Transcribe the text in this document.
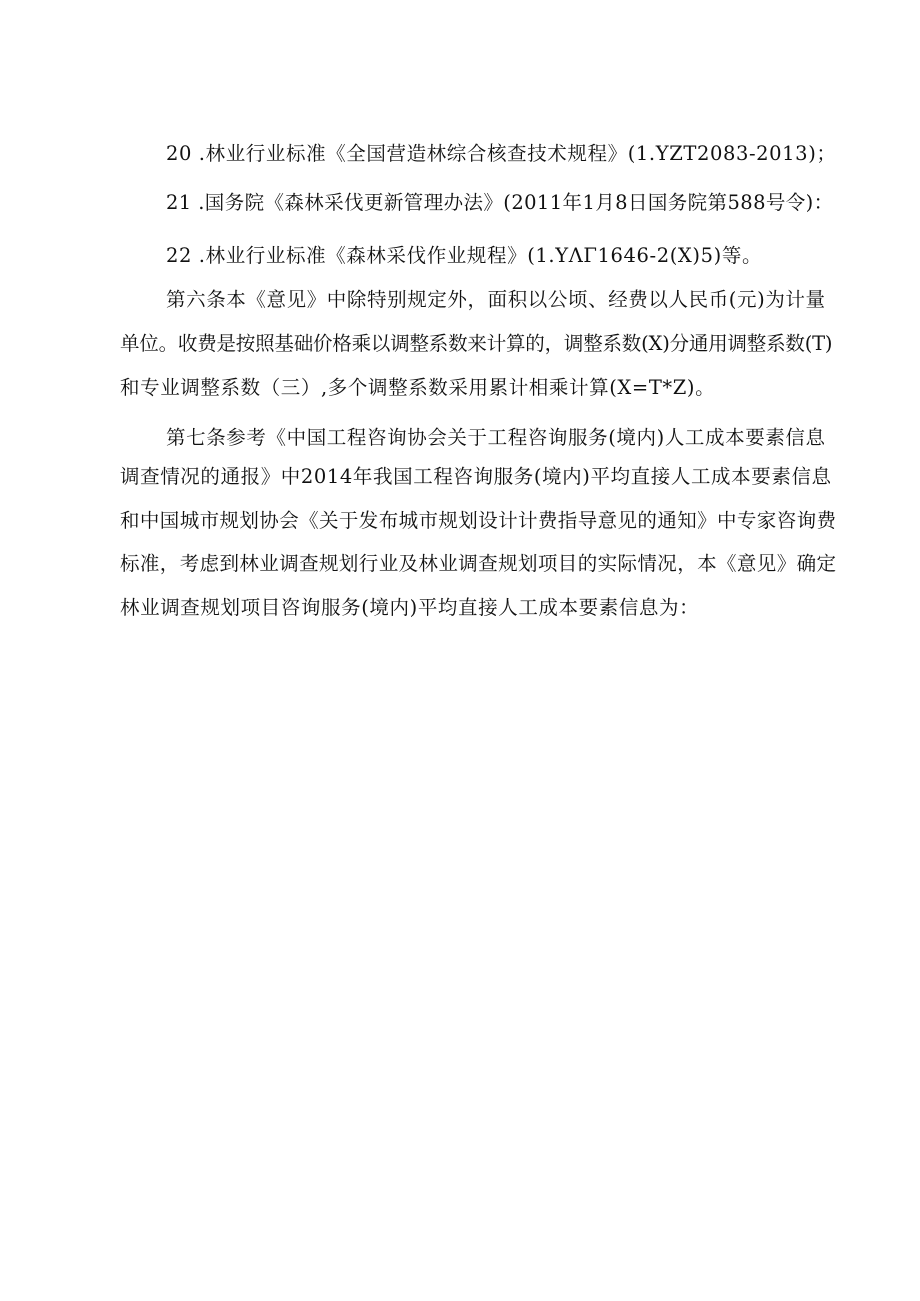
20 .林业行业标准《全国营造林综合核查技术规程》(1.YZT2083-2013)；
21 .国务院《森林采伐更新管理办法》(2011年1月8日国务院第588号令)：
22 .林业行业标准《森林采伐作业规程》(1.YΛΓ1646-2(X)5)等。
第六条本《意见》中除特别规定外，面积以公顷、经费以人民币(元)为计量
单位。收费是按照基础价格乘以调整系数来计算的，调整系数(X)分通用调整系数(T)
和专业调整系数（三）,多个调整系数采用累计相乘计算(X=T*Z)。
第七条参考《中国工程咨询协会关于工程咨询服务(境内)人工成本要素信息
调查情况的通报》中2014年我国工程咨询服务(境内)平均直接人工成本要素信息
和中国城市规划协会《关于发布城市规划设计计费指导意见的通知》中专家咨询费
标准，考虑到林业调查规划行业及林业调查规划项目的实际情况，本《意见》确定
林业调查规划项目咨询服务(境内)平均直接人工成本要素信息为：
